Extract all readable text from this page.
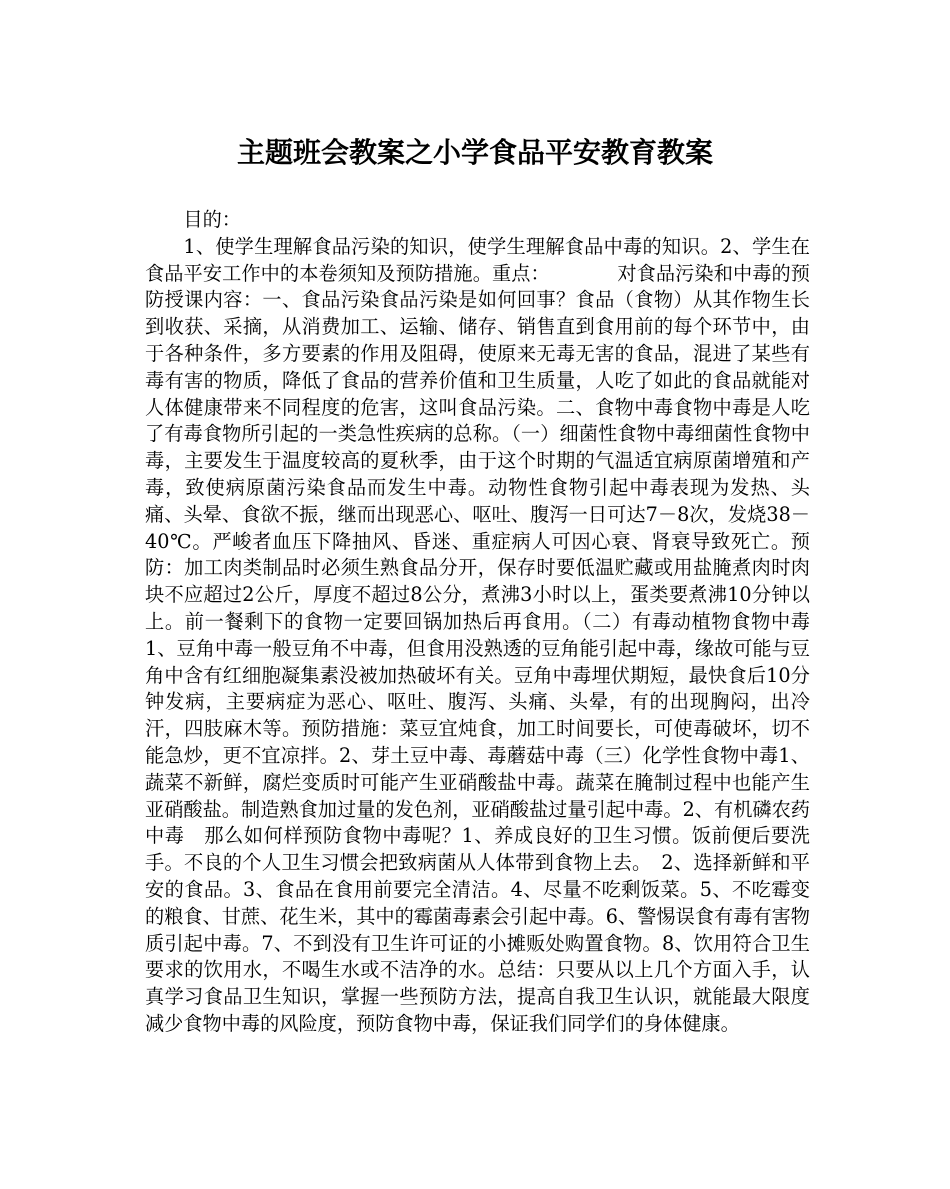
主题班会教案之小学食品平安教育教案

目的：

1、使学生理解食品污染的知识，使学生理解食品中毒的知识。2、学生在食品平安工作中的本卷须知及预防措施。重点：　　　　对食品污染和中毒的预防授课内容：一、食品污染食品污染是如何回事？食品（食物）从其作物生长到收获、采摘，从消费加工、运输、储存、销售直到食用前的每个环节中，由于各种条件，多方要素的作用及阻碍，使原来无毒无害的食品，混进了某些有毒有害的物质，降低了食品的营养价值和卫生质量，人吃了如此的食品就能对人体健康带来不同程度的危害，这叫食品污染。二、食物中毒食物中毒是人吃了有毒食物所引起的一类急性疾病的总称。（一）细菌性食物中毒细菌性食物中毒，主要发生于温度较高的夏秋季，由于这个时期的气温适宜病原菌增殖和产毒，致使病原菌污染食品而发生中毒。动物性食物引起中毒表现为发热、头痛、头晕、食欲不振，继而出现恶心、呕吐、腹泻一日可达7－8次，发烧38－40℃。严峻者血压下降抽风、昏迷、重症病人可因心衰、肾衰导致死亡。预防：加工肉类制品时必须生熟食品分开，保存时要低温贮藏或用盐腌煮肉时肉块不应超过2公斤，厚度不超过8公分，煮沸3小时以上，蛋类要煮沸10分钟以上。前一餐剩下的食物一定要回锅加热后再食用。（二）有毒动植物食物中毒1、豆角中毒一般豆角不中毒，但食用没熟透的豆角能引起中毒，缘故可能与豆角中含有红细胞凝集素没被加热破坏有关。豆角中毒埋伏期短，最快食后10分钟发病，主要病症为恶心、呕吐、腹泻、头痛、头晕，有的出现胸闷，出冷汗，四肢麻木等。预防措施：菜豆宜炖食，加工时间要长，可使毒破坏，切不能急炒，更不宜凉拌。2、芽土豆中毒、毒蘑菇中毒（三）化学性食物中毒1、蔬菜不新鲜，腐烂变质时可能产生亚硝酸盐中毒。蔬菜在腌制过程中也能产生亚硝酸盐。制造熟食加过量的发色剂，亚硝酸盐过量引起中毒。2、有机磷农药中毒　那么如何样预防食物中毒呢？1、养成良好的卫生习惯。饭前便后要洗手。不良的个人卫生习惯会把致病菌从人体带到食物上去。　2、选择新鲜和平安的食品。3、食品在食用前要完全清洁。4、尽量不吃剩饭菜。5、不吃霉变的粮食、甘蔗、花生米，其中的霉菌毒素会引起中毒。6、警惕误食有毒有害物质引起中毒。7、不到没有卫生许可证的小摊贩处购置食物。8、饮用符合卫生要求的饮用水，不喝生水或不洁净的水。总结：只要从以上几个方面入手，认真学习食品卫生知识，掌握一些预防方法，提高自我卫生认识，就能最大限度减少食物中毒的风险度，预防食物中毒，保证我们同学们的身体健康。
